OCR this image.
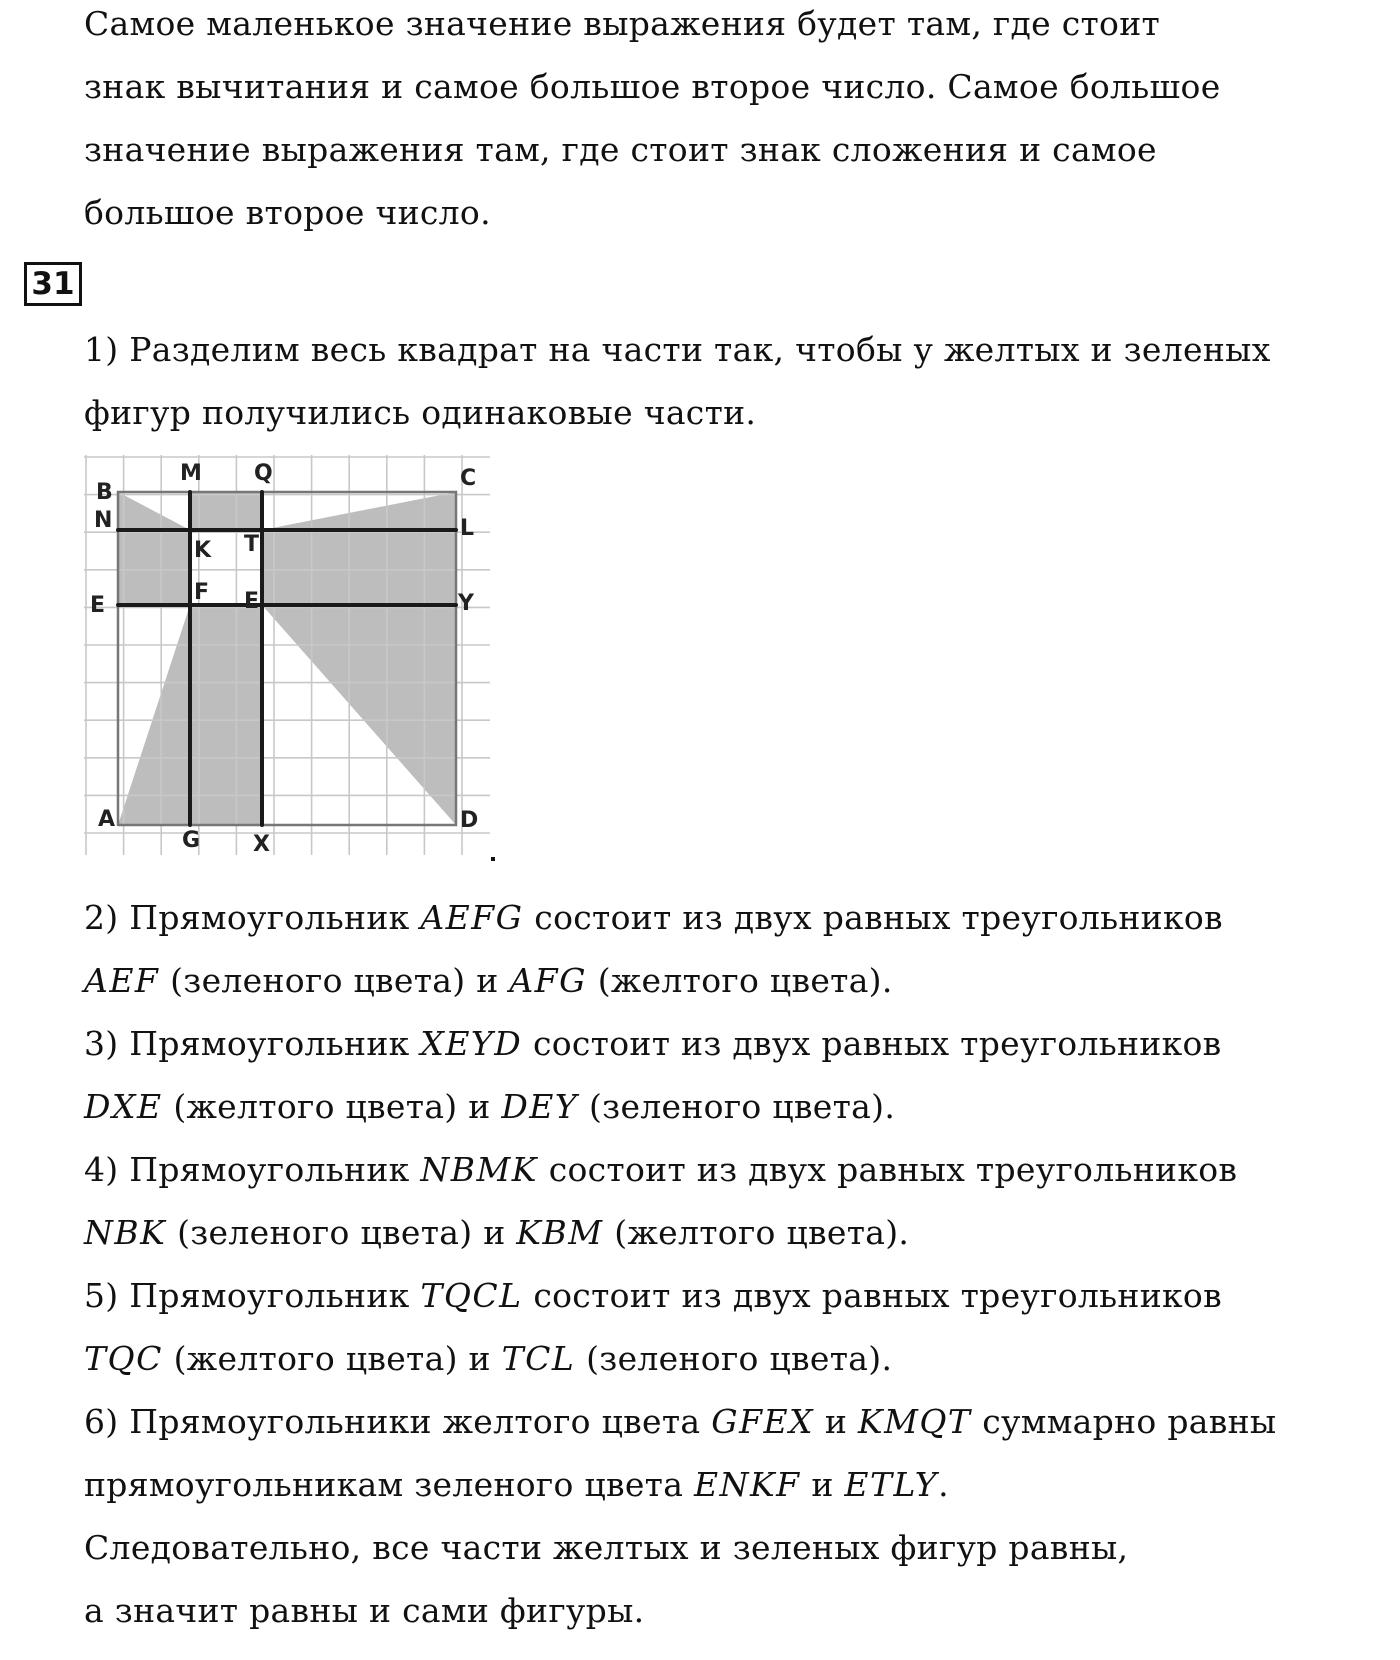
Самое маленькое значение выражения будет там, где стоит
знак вычитания и самое большое второе число. Самое большое
значение выражения там, где стоит знак сложения и самое
большое второе число.
31
1) Разделим весь квадрат на части так, чтобы у желтых и зеленых
фигур получились одинаковые части.
B
M Q	C
N	L
K T
E
F E	Y
A
G X
D
2) Прямоугольник AEFG состоит из двух равных треугольников
AEF (зеленого цвета) и AFG (желтого цвета).
3) Прямоугольник XEYD состоит из двух равных треугольников
DXE (желтого цвета) и DEY (зеленого цвета).
4) Прямоугольник NBMK состоит из двух равных треугольников
NBK (зеленого цвета) и KBM (желтого цвета).
5) Прямоугольник TQCL состоит из двух равных треугольников
TQC (желтого цвета) и TCL (зеленого цвета).
6) Прямоугольники желтого цвета GFEX и KMQT суммарно равны
прямоугольникам зеленого цвета ENKF и ETLY.
Следовательно, все части желтых и зеленых фигур равны,
а значит равны и сами фигуры.
